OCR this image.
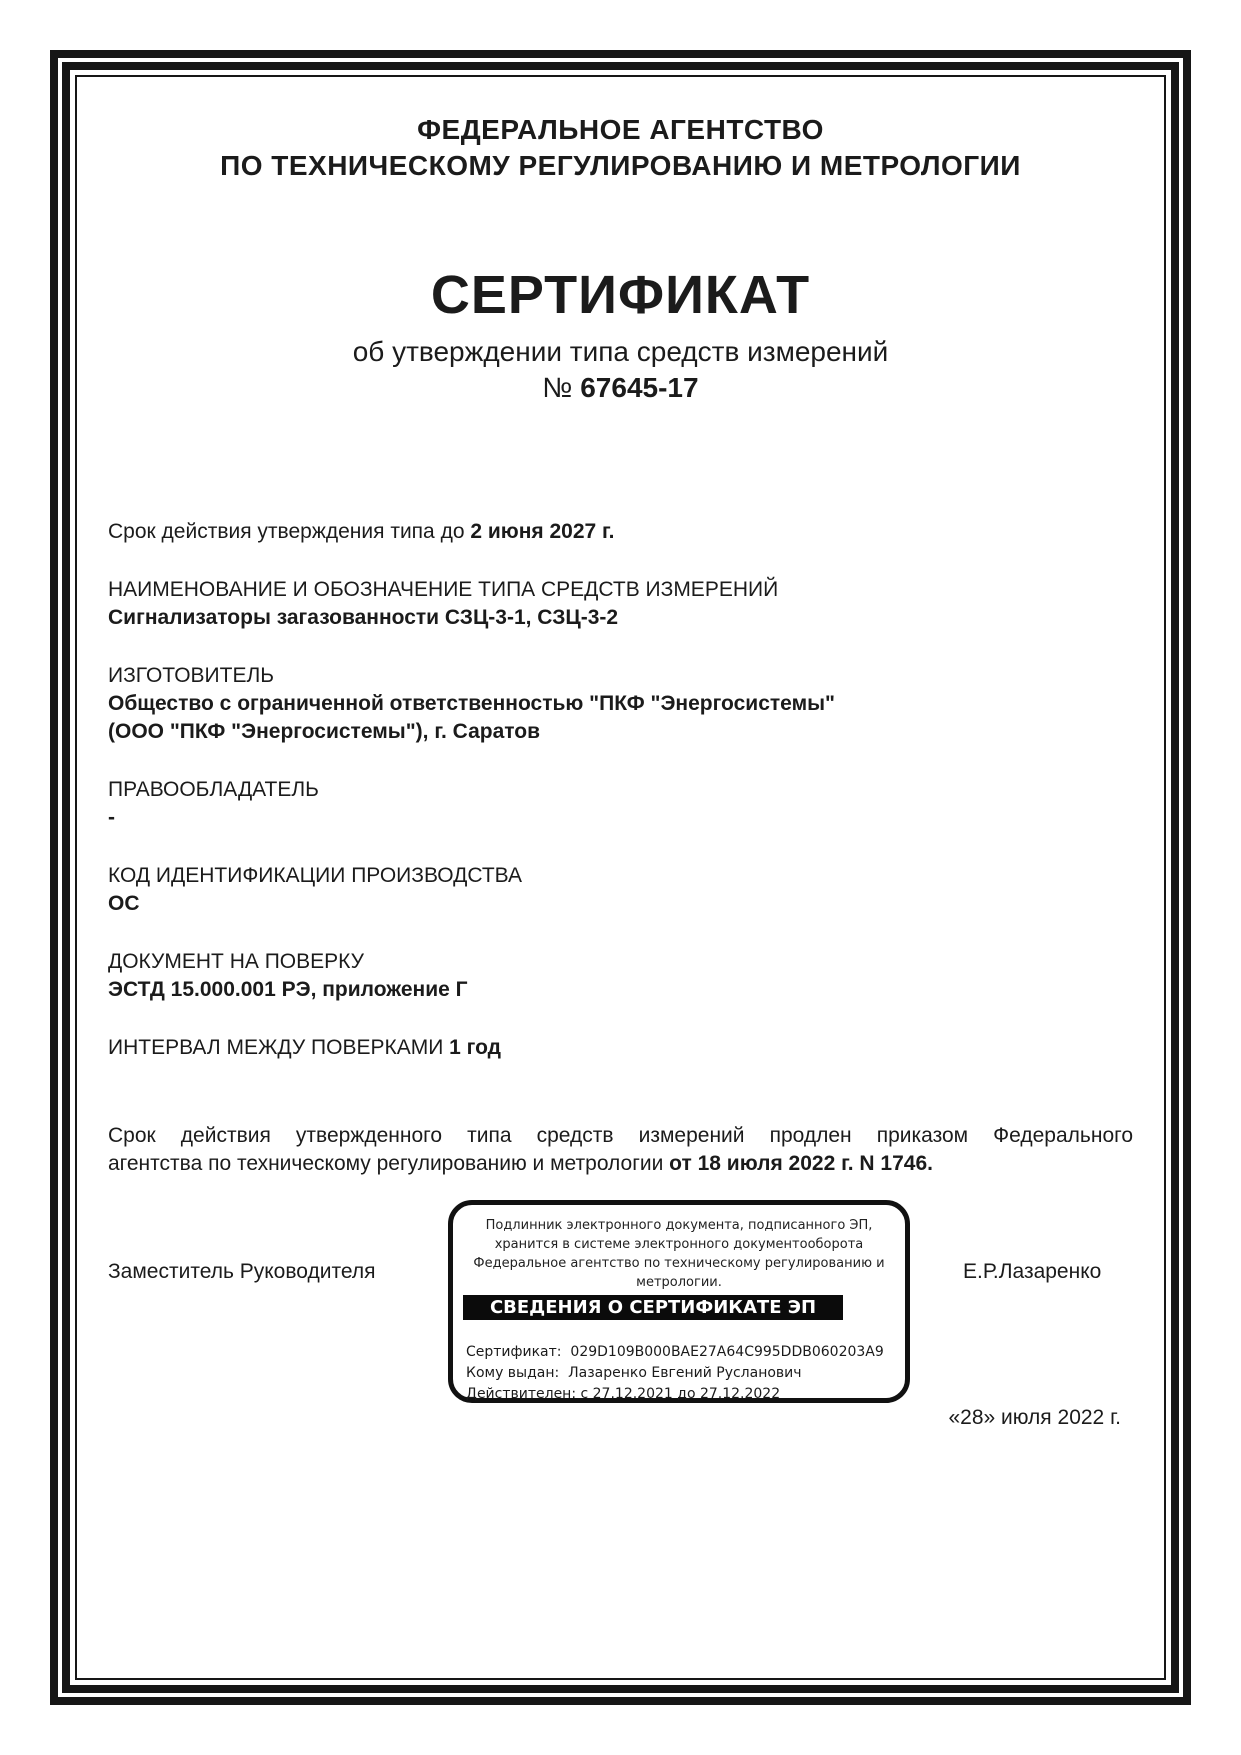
ФЕДЕРАЛЬНОЕ АГЕНТСТВО
ПО ТЕХНИЧЕСКОМУ РЕГУЛИРОВАНИЮ И МЕТРОЛОГИИ
СЕРТИФИКАТ
об утверждении типа средств измерений
№ 67645-17
Срок действия утверждения типа до 2 июня 2027 г.
НАИМЕНОВАНИЕ И ОБОЗНАЧЕНИЕ ТИПА СРЕДСТВ ИЗМЕРЕНИЙ
Сигнализаторы загазованности СЗЦ-3-1, СЗЦ-3-2
ИЗГОТОВИТЕЛЬ
Общество с ограниченной ответственностью "ПКФ "Энергосистемы"
(ООО "ПКФ "Энергосистемы"), г. Саратов
ПРАВООБЛАДАТЕЛЬ
-
КОД ИДЕНТИФИКАЦИИ ПРОИЗВОДСТВА
ОС
ДОКУМЕНТ НА ПОВЕРКУ
ЭСТД 15.000.001 РЭ, приложение Г
ИНТЕРВАЛ МЕЖДУ ПОВЕРКАМИ 1 год
Срок действия утвержденного типа средств измерений продлен приказом Федерального
агентства по техническому регулированию и метрологии от 18 июля 2022 г. N 1746.
Заместитель Руководителя	Е.Р.Лазаренко
Подлинник электронного документа, подписанного ЭП,
хранится в системе электронного документооборота
Федеральное агентство по техническому регулированию и
метрологии.
СВЕДЕНИЯ О СЕРТИФИКАТЕ ЭП
Сертификат:  029D109B000BAE27A64C995DDB060203A9
Кому выдан:  Лазаренко Евгений Русланович
Действителен: с 27.12.2021 до 27.12.2022
«28» июля 2022 г.
